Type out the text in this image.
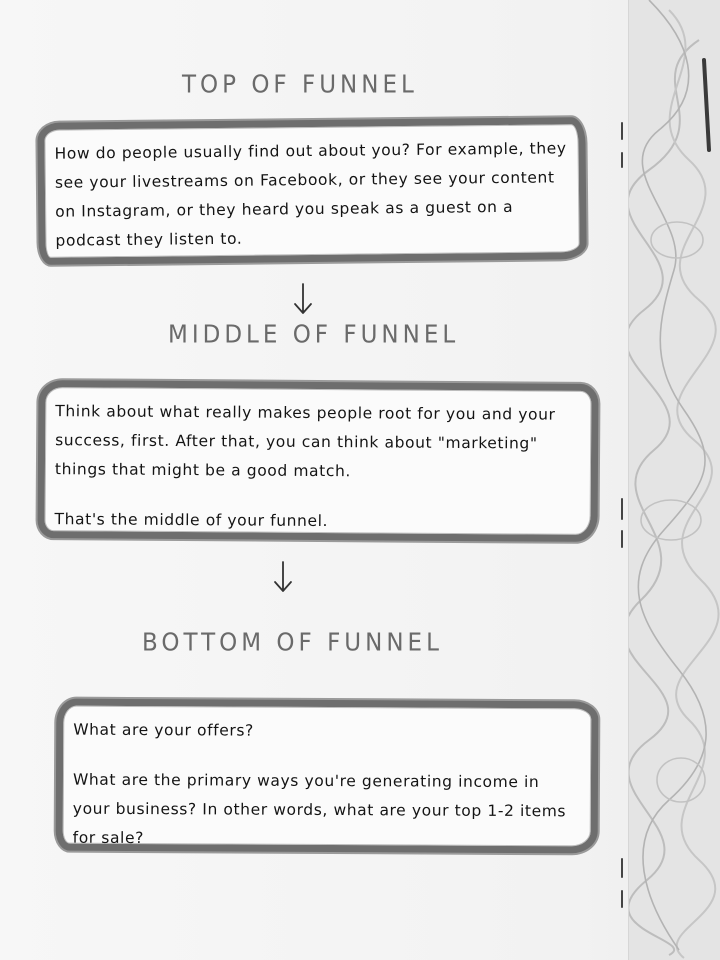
TOP OF FUNNEL

How do people usually find out about you? For example, they see your livestreams on Facebook, or they see your content on Instagram, or they heard you speak as a guest on a podcast they listen to.

MIDDLE OF FUNNEL

Think about what really makes people root for you and your success, first. After that, you can think about "marketing" things that might be a good match.

That's the middle of your funnel.

BOTTOM OF FUNNEL

What are your offers?

What are the primary ways you're generating income in your business? In other words, what are your top 1-2 items for sale?
